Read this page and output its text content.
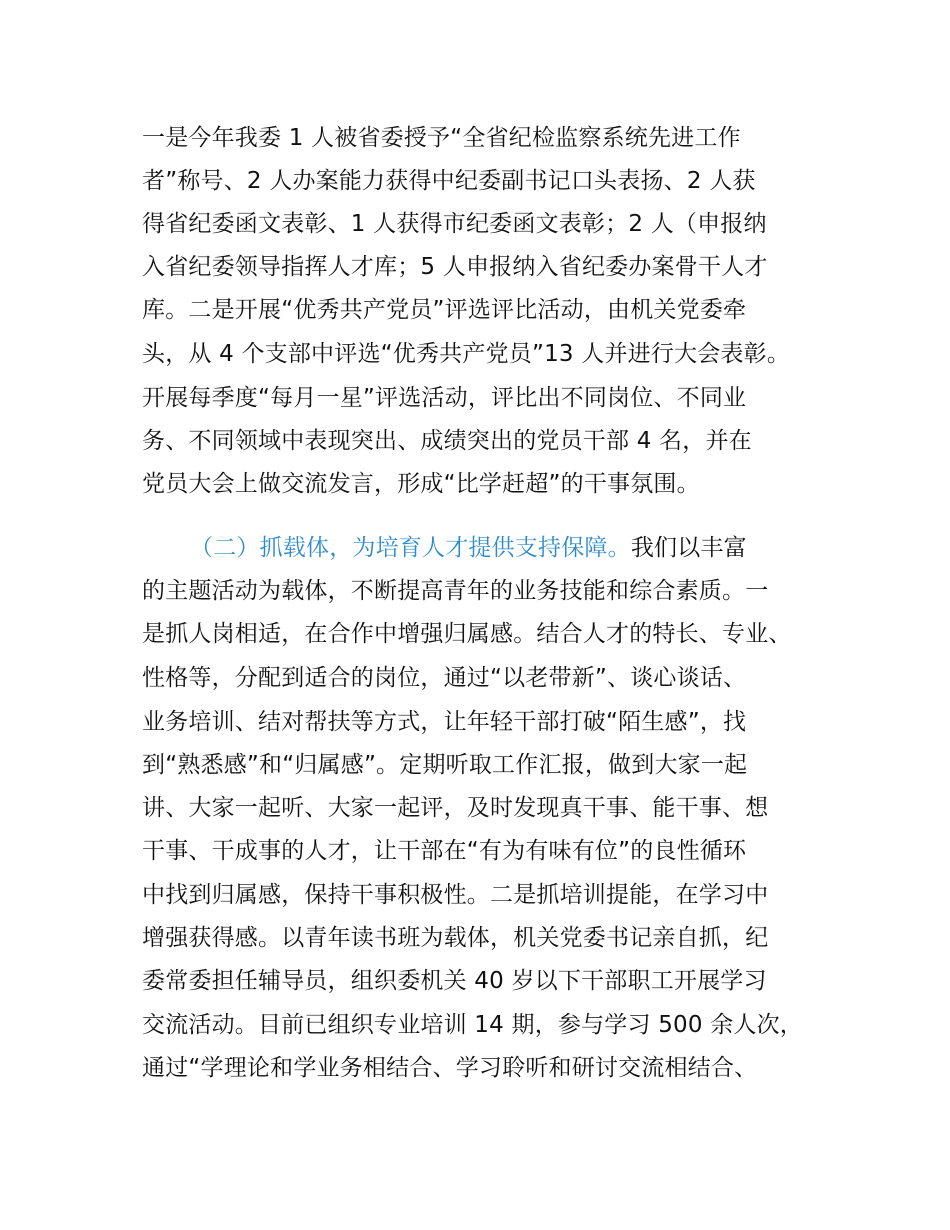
一是今年我委 1 人被省委授予“全省纪检监察系统先进工作
者”称号、2 人办案能力获得中纪委副书记口头表扬、2 人获
得省纪委函文表彰、1 人获得市纪委函文表彰；2 人（申报纳
入省纪委领导指挥人才库；5 人申报纳入省纪委办案骨干人才
库。二是开展“优秀共产党员”评选评比活动，由机关党委牵
头，从 4 个支部中评选“优秀共产党员”13 人并进行大会表彰。
开展每季度“每月一星”评选活动，评比出不同岗位、不同业
务、不同领域中表现突出、成绩突出的党员干部 4 名，并在
党员大会上做交流发言，形成“比学赶超”的干事氛围。
（二）抓载体，为培育人才提供支持保障。我们以丰富
的主题活动为载体，不断提高青年的业务技能和综合素质。一
是抓人岗相适，在合作中增强归属感。结合人才的特长、专业、
性格等，分配到适合的岗位，通过“以老带新”、谈心谈话、
业务培训、结对帮扶等方式，让年轻干部打破“陌生感”，找
到“熟悉感”和“归属感”。定期听取工作汇报，做到大家一起
讲、大家一起听、大家一起评，及时发现真干事、能干事、想
干事、干成事的人才，让干部在“有为有味有位”的良性循环
中找到归属感，保持干事积极性。二是抓培训提能，在学习中
增强获得感。以青年读书班为载体，机关党委书记亲自抓，纪
委常委担任辅导员，组织委机关 40 岁以下干部职工开展学习
交流活动。目前已组织专业培训 14 期，参与学习 500 余人次，
通过“学理论和学业务相结合、学习聆听和研讨交流相结合、
